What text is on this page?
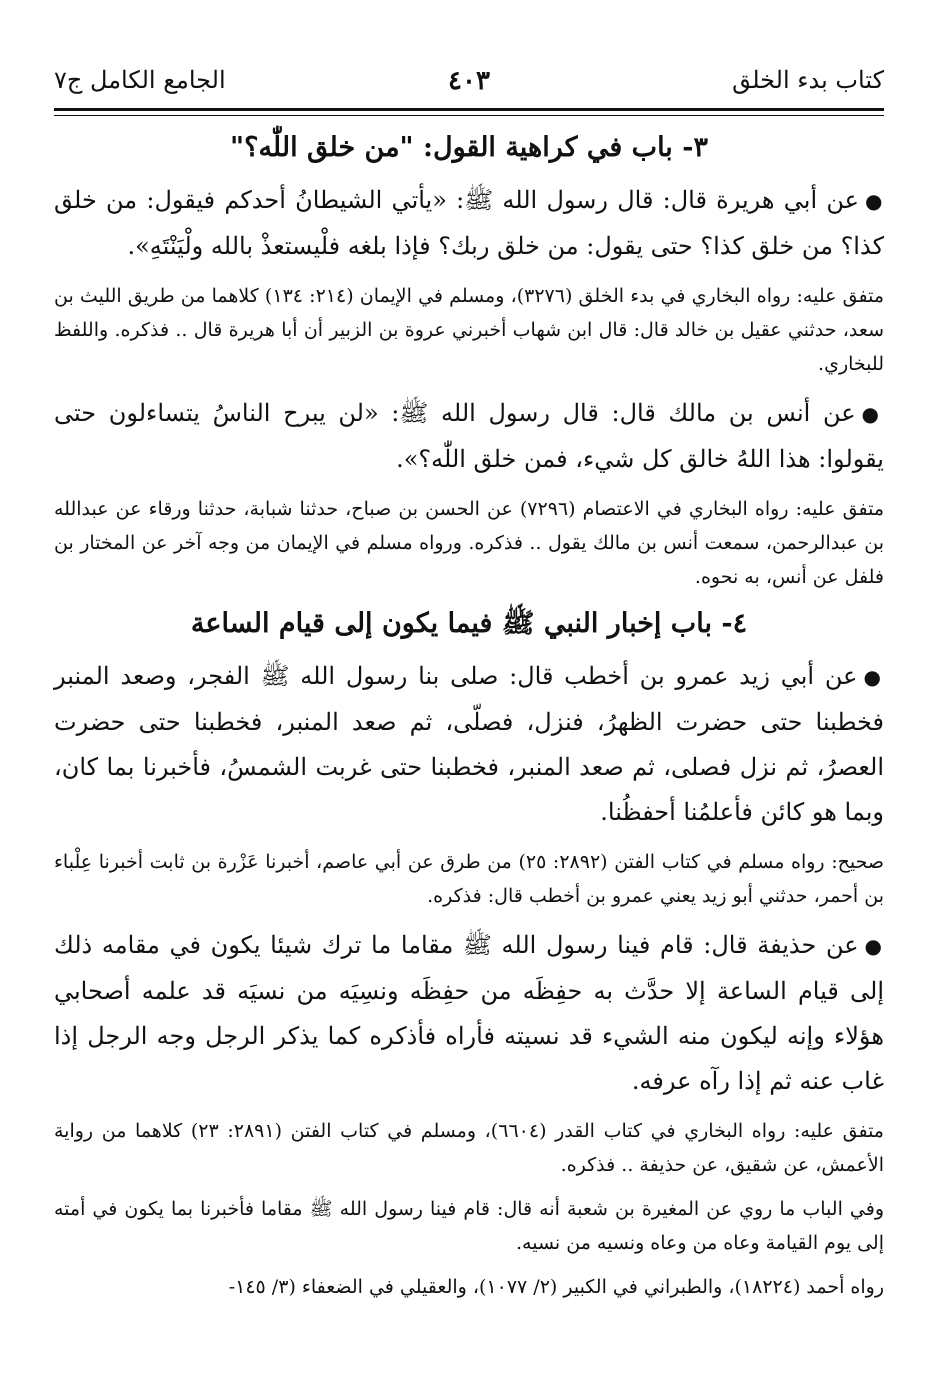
كتاب بدء الخلق
٤٠٣
الجامع الكامل ج٧
٣- باب في كراهية القول: "من خلق اللّٰه؟"

●عن أبي هريرة قال: قال رسول الله ﷺ: «يأتي الشيطانُ أحدكم فيقول: من خلق كذا؟ من خلق كذا؟ حتى يقول: من خلق ربك؟ فإذا بلغه فلْيستعذْ بالله ولْيَنْتَهِ».

متفق عليه: رواه البخاري في بدء الخلق (٣٢٧٦)، ومسلم في الإيمان (٢١٤: ١٣٤) كلاهما من طريق الليث بن سعد، حدثني عقيل بن خالد قال: قال ابن شهاب أخبرني عروة بن الزبير أن أبا هريرة قال .. فذكره. واللفظ للبخاري.

●عن أنس بن مالك قال: قال رسول الله ﷺ: «لن يبرح الناسُ يتساءلون حتى يقولوا: هذا اللهُ خالق كل شيء، فمن خلق اللّٰه؟».

متفق عليه: رواه البخاري في الاعتصام (٧٢٩٦) عن الحسن بن صباح، حدثنا شبابة، حدثنا ورقاء عن عبدالله بن عبدالرحمن، سمعت أنس بن مالك يقول .. فذكره. ورواه مسلم في الإيمان من وجه آخر عن المختار بن فلفل عن أنس، به نحوه.

٤- باب إخبار النبي ﷺ فيما يكون إلى قيام الساعة

●عن أبي زيد عمرو بن أخطب قال: صلى بنا رسول الله ﷺ الفجر، وصعد المنبر فخطبنا حتى حضرت الظهرُ، فنزل، فصلّى، ثم صعد المنبر، فخطبنا حتى حضرت العصرُ، ثم نزل فصلى، ثم صعد المنبر، فخطبنا حتى غربت الشمسُ، فأخبرنا بما كان، وبما هو كائن فأعلمُنا أحفظُنا.

صحيح: رواه مسلم في كتاب الفتن (٢٨٩٢: ٢٥) من طرق عن أبي عاصم، أخبرنا عَزْرة بن ثابت أخبرنا عِلْباء بن أحمر، حدثني أبو زيد يعني عمرو بن أخطب قال: فذكره.

●عن حذيفة قال: قام فينا رسول الله ﷺ مقاما ما ترك شيئا يكون في مقامه ذلك إلى قيام الساعة إلا حدَّث به حفِظَه من حفِظَه ونسِيَه من نسيَه قد علمه أصحابي هؤلاء وإنه ليكون منه الشيء قد نسيته فأراه فأذكره كما يذكر الرجل وجه الرجل إذا غاب عنه ثم إذا رآه عرفه.

متفق عليه: رواه البخاري في كتاب القدر (٦٦٠٤)، ومسلم في كتاب الفتن (٢٨٩١: ٢٣) كلاهما من رواية الأعمش، عن شقيق، عن حذيفة .. فذكره.

وفي الباب ما روي عن المغيرة بن شعبة أنه قال: قام فينا رسول الله ﷺ مقاما فأخبرنا بما يكون في أمته إلى يوم القيامة وعاه من وعاه ونسيه من نسيه.

رواه أحمد (١٨٢٢٤)، والطبراني في الكبير (٢/ ١٠٧٧)، والعقيلي في الضعفاء (٣/ ١٤٥-
